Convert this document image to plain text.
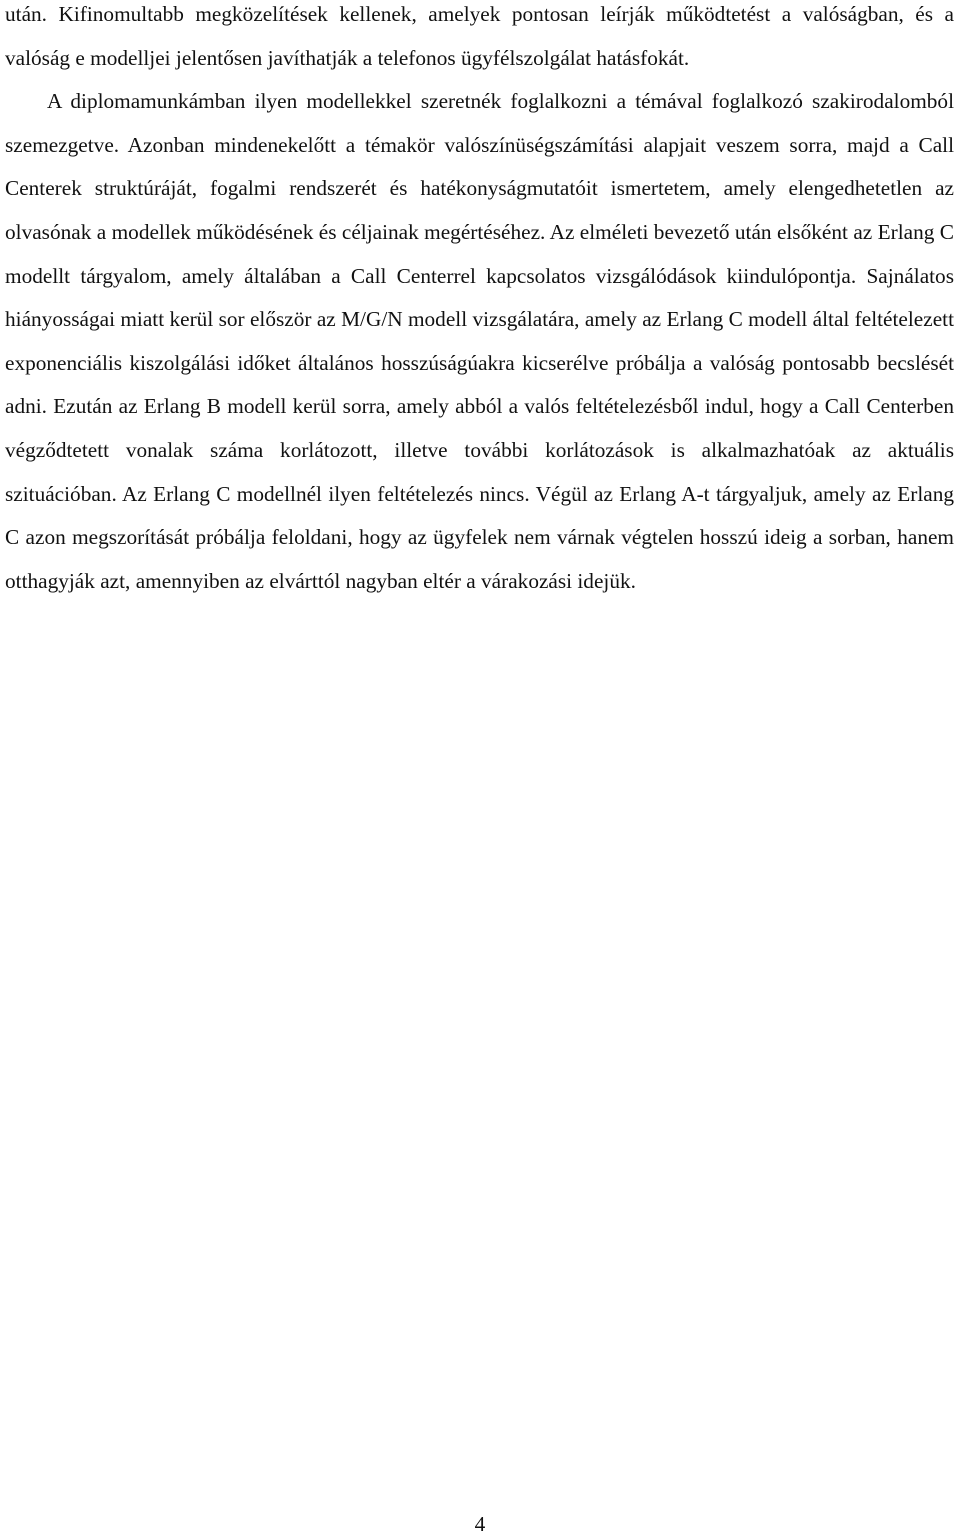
után. Kifinomultabb megközelítések kellenek, amelyek pontosan leírják működtetést a valóságban, és a valóság e modelljei jelentősen javíthatják a telefonos ügyfélszolgálat hatásfokát.

A diplomamunkámban ilyen modellekkel szeretnék foglalkozni a témával foglalkozó szakirodalomból szemezgetve. Azonban mindenekelőtt a témakör valószínüségszámítási alapjait veszem sorra, majd a Call Centerek struktúráját, fogalmi rendszerét és hatékonyságmutatóit ismertetem, amely elengedhetetlen az olvasónak a modellek működésének és céljainak megértéséhez. Az elméleti bevezető után elsőként az Erlang C modellt tárgyalom, amely általában a Call Centerrel kapcsolatos vizsgálódások kiindulópontja. Sajnálatos hiányosságai miatt kerül sor először az M/G/N modell vizsgálatára, amely az Erlang C modell által feltételezett exponenciális kiszolgálási időket általános hosszúságúakra kicserélve próbálja a valóság pontosabb becslését adni. Ezután az Erlang B modell kerül sorra, amely abból a valós feltételezésből indul, hogy a Call Centerben végződtetett vonalak száma korlátozott, illetve további korlátozások is alkalmazhatóak az aktuális szituációban. Az Erlang C modellnél ilyen feltételezés nincs. Végül az Erlang A-t tárgyaljuk, amely az Erlang C azon megszorítását próbálja feloldani, hogy az ügyfelek nem várnak végtelen hosszú ideig a sorban, hanem otthagyják azt, amennyiben az elvárttól nagyban eltér a várakozási idejük.

4
